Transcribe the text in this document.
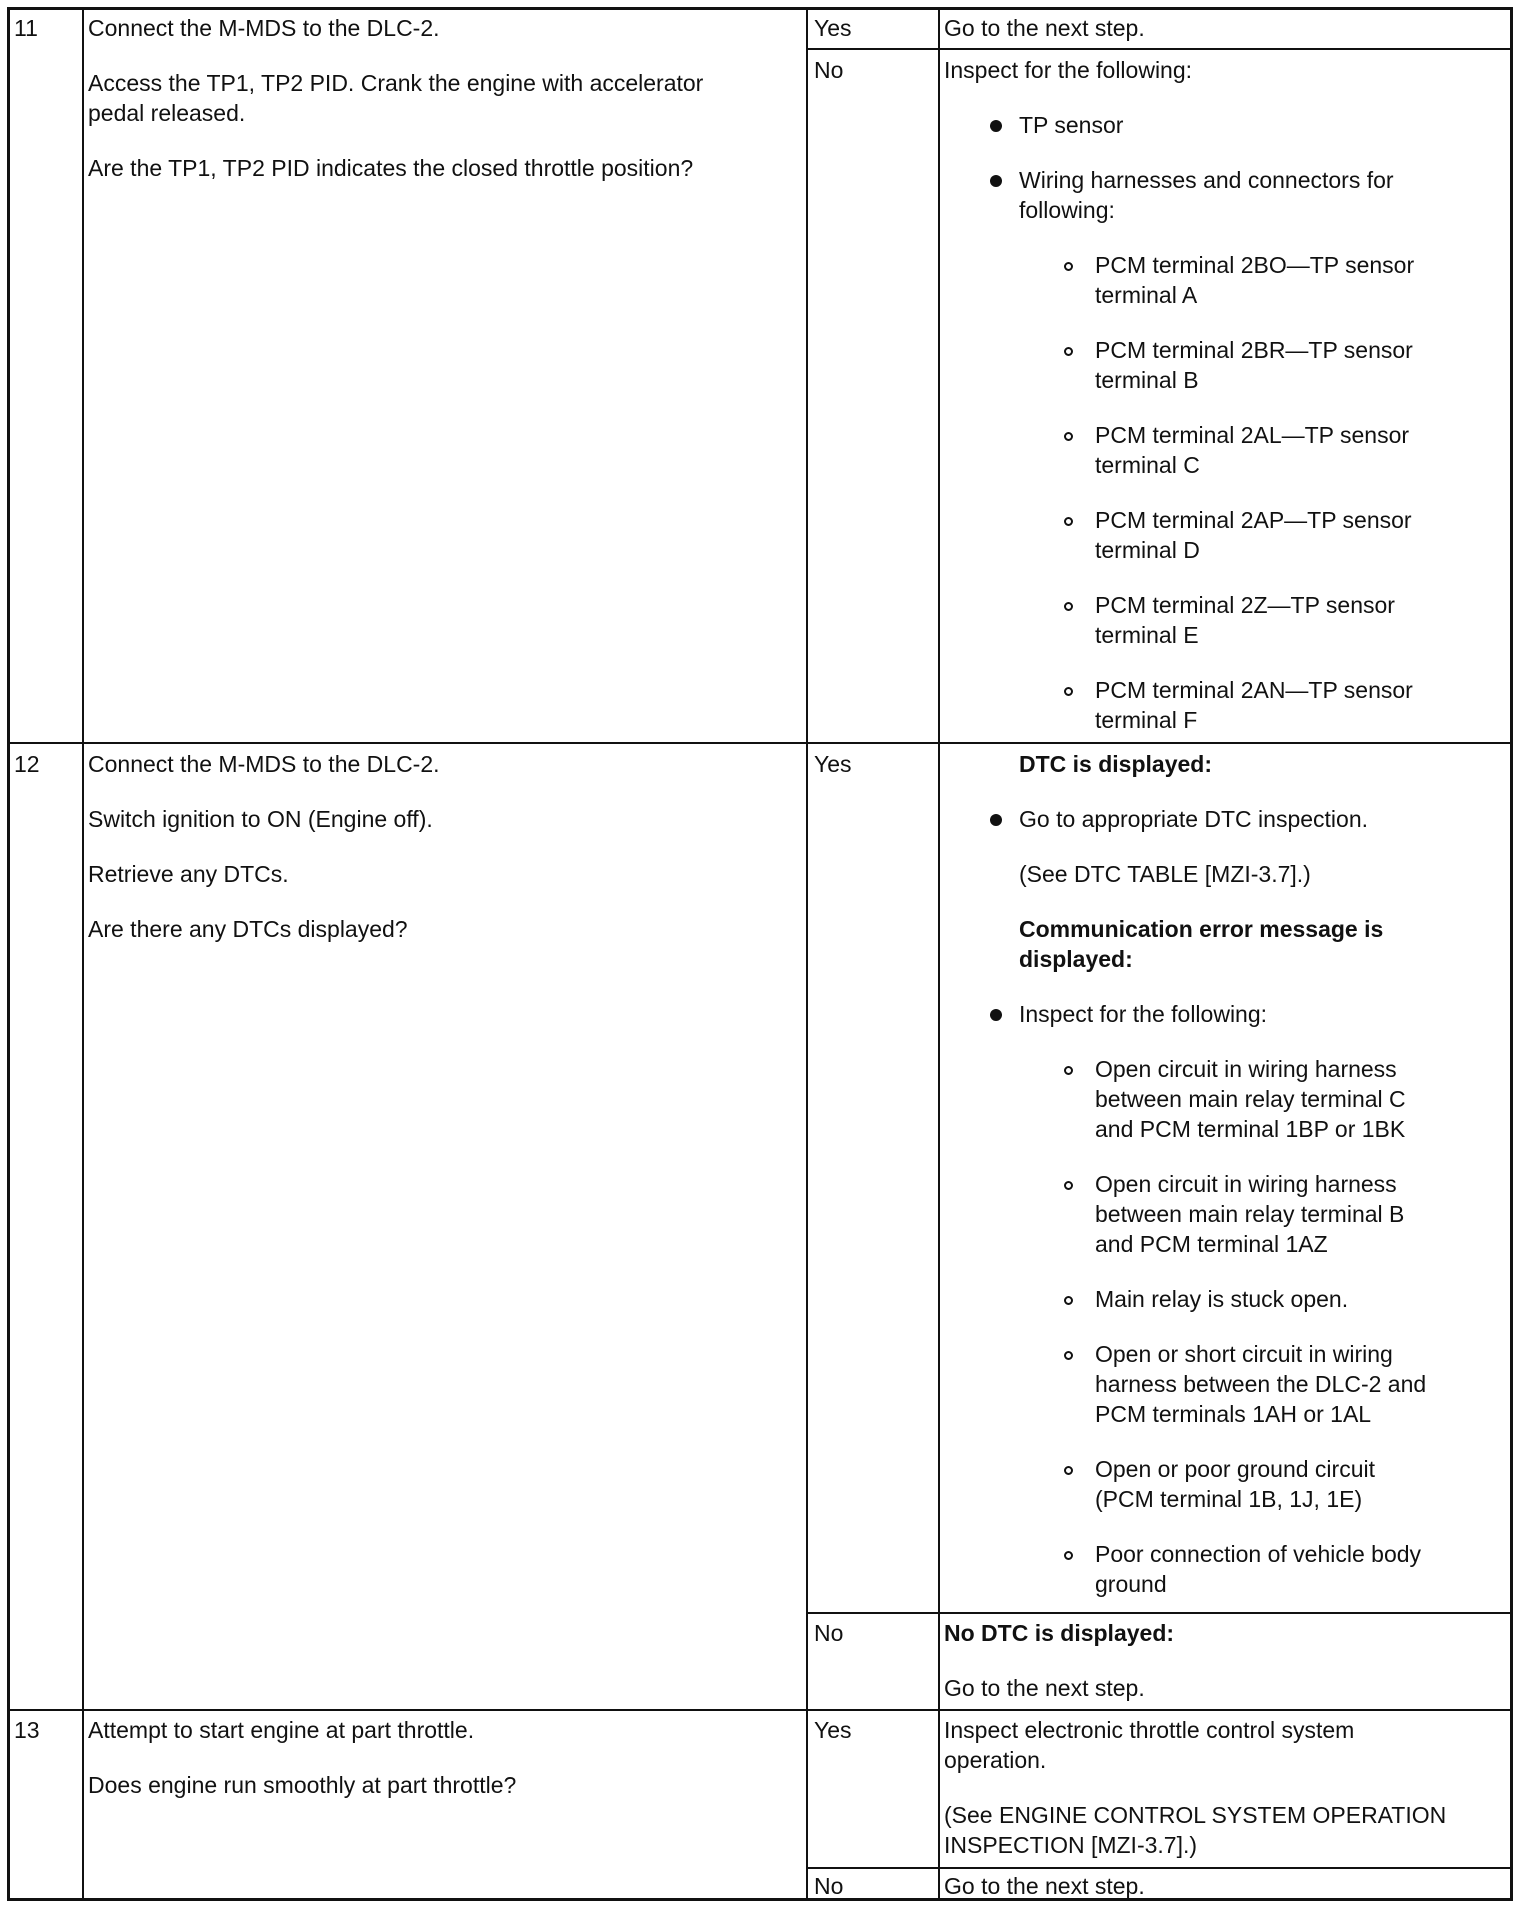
11 Connect the M-MDS to the DLC-2.
Access the TP1, TP2 PID. Crank the engine with accelerator
pedal released.
Are the TP1, TP2 PID indicates the closed throttle position?
Yes	Go to the next step.
No	Inspect for the following:
TP sensor
Wiring harnesses and connectors for
following:
PCM terminal 2BO—TP sensor
terminal A
PCM terminal 2BR—TP sensor
terminal B
PCM terminal 2AL—TP sensor
terminal C
PCM terminal 2AP—TP sensor
terminal D
PCM terminal 2Z—TP sensor
terminal E
PCM terminal 2AN—TP sensor
terminal F
12 Connect the M-MDS to the DLC-2.
Switch ignition to ON (Engine off).
Retrieve any DTCs.
Are there any DTCs displayed?
Yes	DTC is displayed:
Go to appropriate DTC inspection.
(See DTC TABLE [MZI-3.7].)
Communication error message is
displayed:
Inspect for the following:
Open circuit in wiring harness
between main relay terminal C
and PCM terminal 1BP or 1BK
Open circuit in wiring harness
between main relay terminal B
and PCM terminal 1AZ
Main relay is stuck open.
Open or short circuit in wiring
harness between the DLC-2 and
PCM terminals 1AH or 1AL
Open or poor ground circuit
(PCM terminal 1B, 1J, 1E)
Poor connection of vehicle body
ground
No	No DTC is displayed:
Go to the next step.
13 Attempt to start engine at part throttle.
Does engine run smoothly at part throttle?
Yes	Inspect electronic throttle control system
operation.
(See ENGINE CONTROL SYSTEM OPERATION
INSPECTION [MZI-3.7].)
No	Go to the next step.
